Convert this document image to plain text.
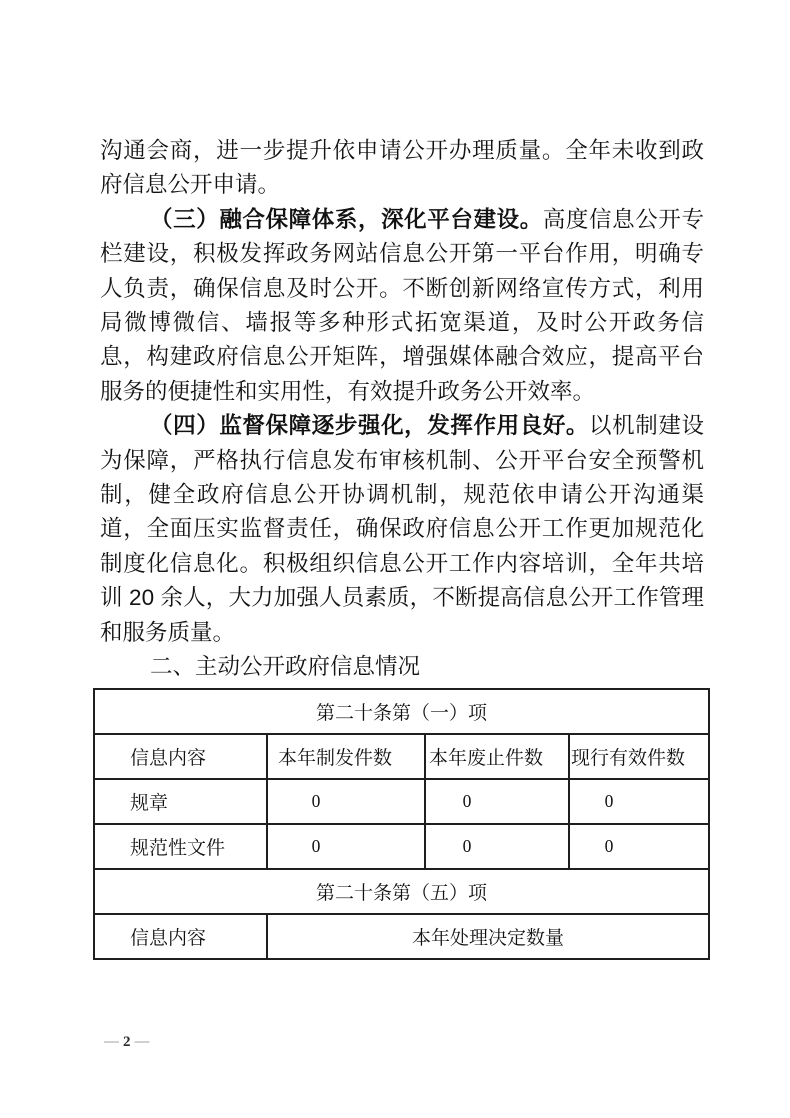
沟通会商，进一步提升依申请公开办理质量。全年未收到政府信息公开申请。

（三）融合保障体系，深化平台建设。高度信息公开专栏建设，积极发挥政务网站信息公开第一平台作用，明确专人负责，确保信息及时公开。不断创新网络宣传方式，利用局微博微信、墙报等多种形式拓宽渠道，及时公开政务信息，构建政府信息公开矩阵，增强媒体融合效应，提高平台服务的便捷性和实用性，有效提升政务公开效率。

（四）监督保障逐步强化，发挥作用良好。以机制建设为保障，严格执行信息发布审核机制、公开平台安全预警机制，健全政府信息公开协调机制，规范依申请公开沟通渠道，全面压实监督责任，确保政府信息公开工作更加规范化制度化信息化。积极组织信息公开工作内容培训，全年共培训 20 余人，大力加强人员素质，不断提高信息公开工作管理和服务质量。

二、主动公开政府信息情况

第二十条第（一）项			
信息内容	本年制发件数	本年废止件数	现行有效件数
规章	0	0	0
规范性文件	0	0	0
第二十条第（五）项			
信息内容	本年处理决定数量		
— 2 —
